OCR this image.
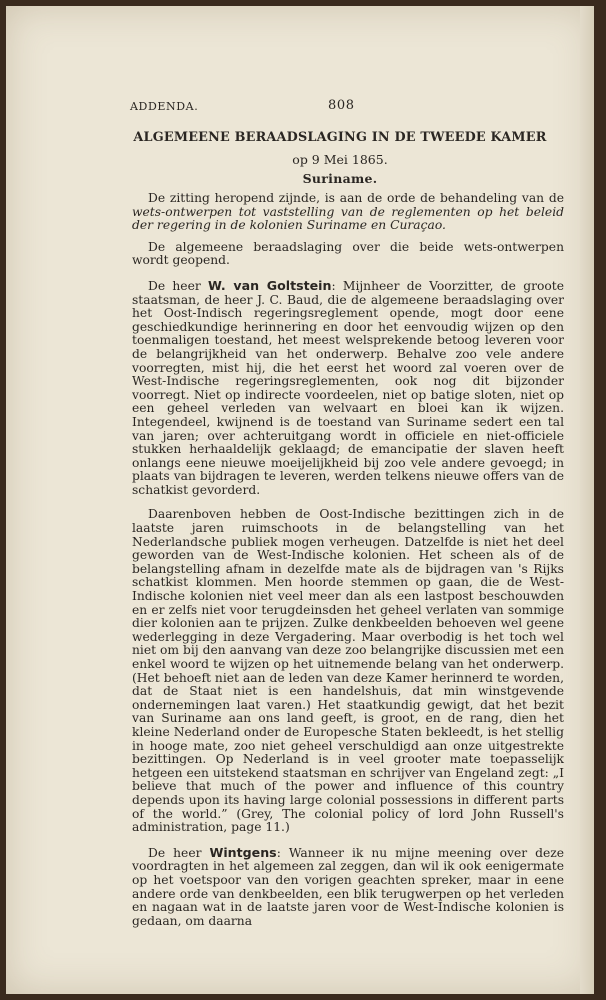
ADDENDA.	808
ALGEMEENE BERAADSLAGING IN DE TWEEDE KAMER
op 9 Mei 1865.
Suriname.

De zitting heropend zijnde, is aan de orde de behandeling van de wets-ontwerpen tot vaststelling van de reglementen op het beleid der regering in de kolonien Suriname en Curaçao.

De algemeene beraadslaging over die beide wets-ontwerpen wordt geopend.

De heer W. van Goltstein: Mijnheer de Voorzitter, de groote staatsman, de heer J. C. Baud, die de algemeene beraadslaging over het Oost-Indisch regeringsreglement opende, mogt door eene geschiedkundige herinnering en door het eenvoudig wijzen op den toenmaligen toestand, het meest welsprekende betoog leveren voor de belangrijkheid van het onderwerp. Behalve zoo vele andere voorregten, mist hij, die het eerst het woord zal voeren over de West-Indische regeringsreglementen, ook nog dit bijzonder voorregt. Niet op indirecte voordeelen, niet op batige sloten, niet op een geheel verleden van welvaart en bloei kan ik wijzen. Integendeel, kwijnend is de toestand van Suriname sedert een tal van jaren; over achteruitgang wordt in officiele en niet-officiele stukken herhaaldelijk geklaagd; de emancipatie der slaven heeft onlangs eene nieuwe moeijelijkheid bij zoo vele andere gevoegd; in plaats van bijdragen te leveren, werden telkens nieuwe offers van de schatkist gevorderd.

Daarenboven hebben de Oost-Indische bezittingen zich in de laatste jaren ruimschoots in de belangstelling van het Nederlandsche publiek mogen verheugen. Datzelfde is niet het deel geworden van de West-Indische kolonien. Het scheen als of de belangstelling afnam in dezelfde mate als de bijdragen van 's Rijks schatkist klommen. Men hoorde stemmen op gaan, die de West-Indische kolonien niet veel meer dan als een lastpost beschouwden en er zelfs niet voor terugdeinsden het geheel verlaten van sommige dier kolonien aan te prijzen. Zulke denkbeelden behoeven wel geene wederlegging in deze Vergadering. Maar overbodig is het toch wel niet om bij den aanvang van deze zoo belangrijke discussien met een enkel woord te wijzen op het uitnemende belang van het onderwerp. (Het behoeft niet aan de leden van deze Kamer herinnerd te worden, dat de Staat niet is een handelshuis, dat min winstgevende ondernemingen laat varen.) Het staatkundig gewigt, dat het bezit van Suriname aan ons land geeft, is groot, en de rang, dien het kleine Nederland onder de Europesche Staten bekleedt, is het stellig in hooge mate, zoo niet geheel verschuldigd aan onze uitgestrekte bezittingen. Op Nederland is in veel grooter mate toepasselijk hetgeen een uitstekend staatsman en schrijver van Engeland zegt: „I believe that much of the power and influence of this country depends upon its having large colonial possessions in different parts of the world.” (Grey, The colonial policy of lord John Russell's administration, page 11.)

De heer Wintgens: Wanneer ik nu mijne meening over deze voordragten in het algemeen zal zeggen, dan wil ik ook eenigermate op het voetspoor van den vorigen geachten spreker, maar in eene andere orde van denkbeelden, een blik terugwerpen op het verleden en nagaan wat in de laatste jaren voor de West-Indische kolonien is gedaan, om daarna
